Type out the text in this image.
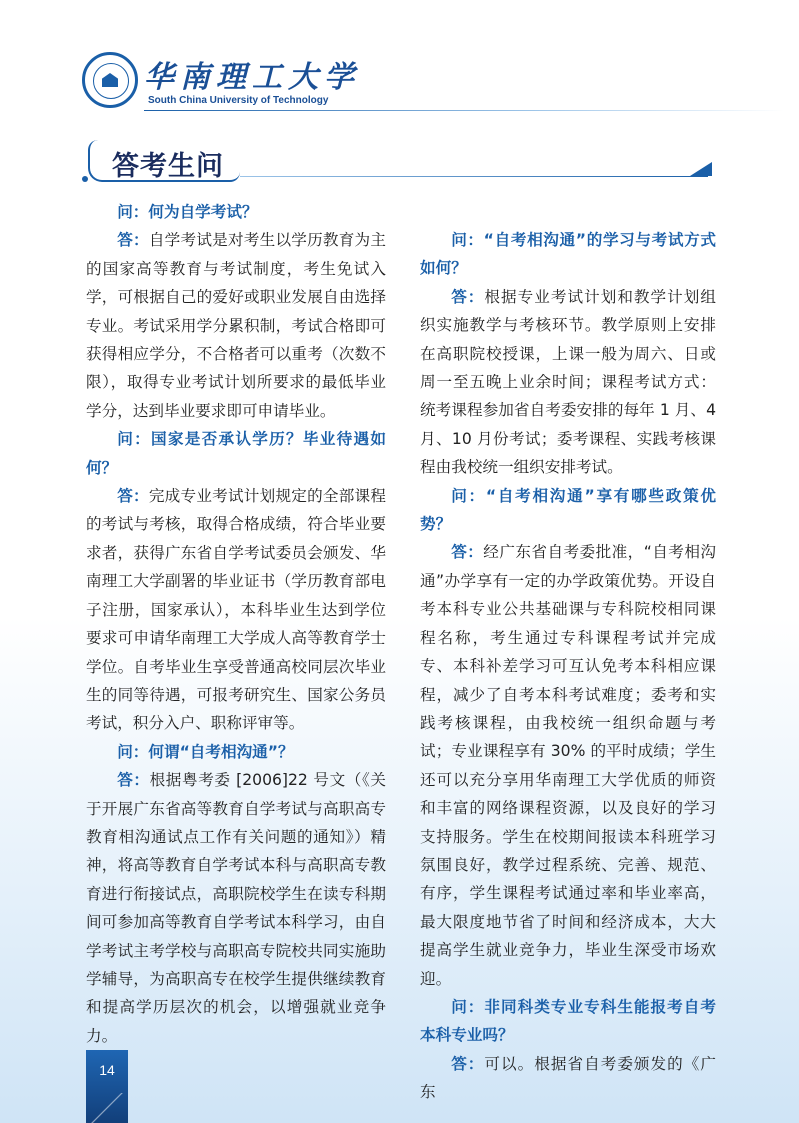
华南理工大学
South China University of Technology
答考生问

问：何为自学考试？

答：自学考试是对考生以学历教育为主的国家高等教育与考试制度，考生免试入学，可根据自己的爱好或职业发展自由选择专业。考试采用学分累积制，考试合格即可获得相应学分，不合格者可以重考（次数不限），取得专业考试计划所要求的最低毕业学分，达到毕业要求即可申请毕业。

问：国家是否承认学历？毕业待遇如何？

答：完成专业考试计划规定的全部课程的考试与考核，取得合格成绩，符合毕业要求者，获得广东省自学考试委员会颁发、华南理工大学副署的毕业证书（学历教育部电子注册，国家承认），本科毕业生达到学位要求可申请华南理工大学成人高等教育学士学位。自考毕业生享受普通高校同层次毕业生的同等待遇，可报考研究生、国家公务员考试，积分入户、职称评审等。

问：何谓“自考相沟通”？

答：根据粤考委 [2006]22 号文（《关于开展广东省高等教育自学考试与高职高专教育相沟通试点工作有关问题的通知》）精神，将高等教育自学考试本科与高职高专教育进行衔接试点，高职院校学生在读专科期间可参加高等教育自学考试本科学习，由自学考试主考学校与高职高专院校共同实施助学辅导，为高职高专在校学生提供继续教育和提高学历层次的机会，以增强就业竞争力。

问：“自考相沟通”的学习与考试方式如何？

答：根据专业考试计划和教学计划组织实施教学与考核环节。教学原则上安排在高职院校授课，上课一般为周六、日或周一至五晚上业余时间；课程考试方式：统考课程参加省自考委安排的每年 1 月、4 月、10 月份考试；委考课程、实践考核课程由我校统一组织安排考试。

问：“自考相沟通”享有哪些政策优势？

答：经广东省自考委批准，“自考相沟通”办学享有一定的办学政策优势。开设自考本科专业公共基础课与专科院校相同课程名称，考生通过专科课程考试并完成专、本科补差学习可互认免考本科相应课程，减少了自考本科考试难度；委考和实践考核课程，由我校统一组织命题与考试；专业课程享有 30% 的平时成绩；学生还可以充分享用华南理工大学优质的师资和丰富的网络课程资源，以及良好的学习支持服务。学生在校期间报读本科班学习氛围良好，教学过程系统、完善、规范、有序，学生课程考试通过率和毕业率高，最大限度地节省了时间和经济成本，大大提高学生就业竞争力，毕业生深受市场欢迎。

问：非同科类专业专科生能报考自考本科专业吗？

答：可以。根据省自考委颁发的《广东

14
